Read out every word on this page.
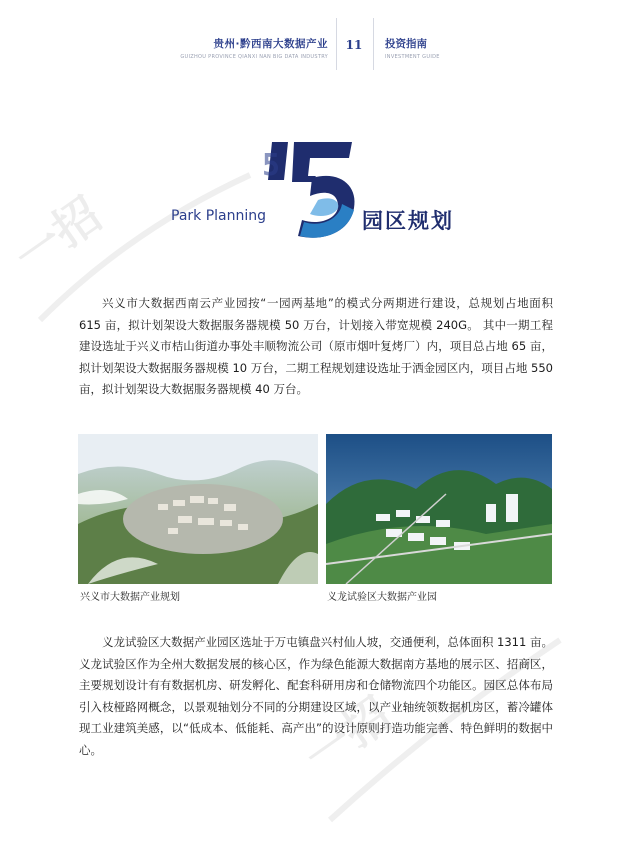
贵州·黔西南大数据产业
GUIZHOU PROVINCE QIANXI NAN BIG DATA INDUSTRY
11	投资指南
INVESTMENT GUIDE
一招
一招
Park Planning
5
园区规划
兴义市大数据西南云产业园按“一园两基地”的模式分两期进行建设，总规划占地面积 615 亩，拟计划架设大数据服务器规模 50 万台，计划接入带宽规模 240G。 其中一期工程建设选址于兴义市桔山街道办事处丰顺物流公司（原市烟叶复烤厂）内，项目总占地 65 亩，拟计划架设大数据服务器规模 10 万台，二期工程规划建设选址于洒金园区内，项目占地 550 亩，拟计划架设大数据服务器规模 40 万台。
兴义市大数据产业规划	义龙试验区大数据产业园
义龙试验区大数据产业园区选址于万屯镇盘兴村仙人坡，交通便利，总体面积 1311 亩。义龙试验区作为全州大数据发展的核心区，作为绿色能源大数据南方基地的展示区、招商区，主要规划设计有有数据机房、研发孵化、配套科研用房和仓储物流四个功能区。园区总体布局引入枝桠路网概念，以景观轴划分不同的分期建设区域，以产业轴统领数据机房区，蓄冷罐体现工业建筑美感，以“低成本、低能耗、高产出”的设计原则打造功能完善、特色鲜明的数据中心。
